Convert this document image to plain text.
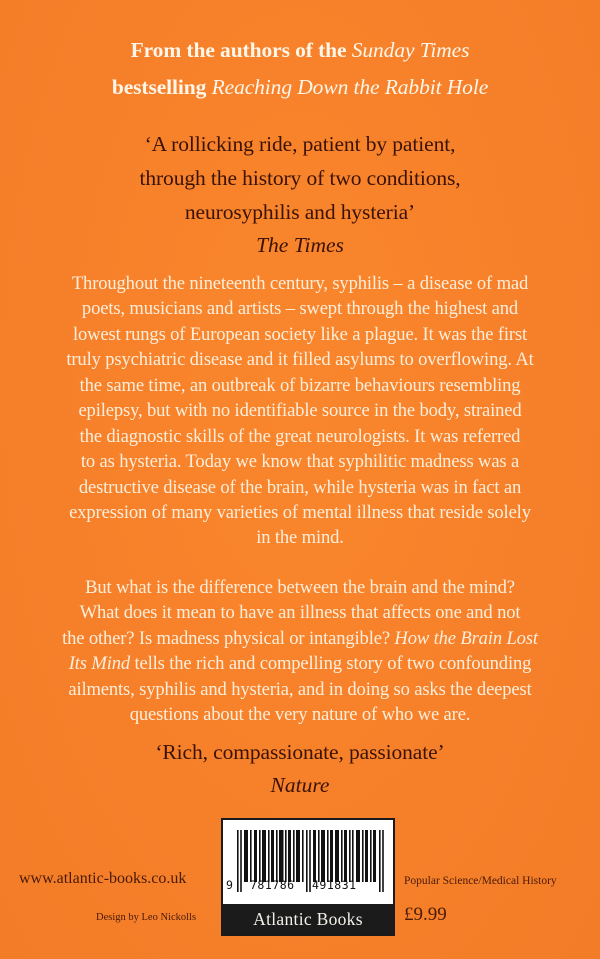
From the authors of the Sunday Times
bestselling Reaching Down the Rabbit Hole
‘A rollicking ride, patient by patient,
through the history of two conditions,
neurosyphilis and hysteria’
The Times
Throughout the nineteenth century, syphilis – a disease of mad
poets, musicians and artists – swept through the highest and
lowest rungs of European society like a plague. It was the first
truly psychiatric disease and it filled asylums to overflowing. At
the same time, an outbreak of bizarre behaviours resembling
epilepsy, but with no identifiable source in the body, strained
the diagnostic skills of the great neurologists. It was referred
to as hysteria. Today we know that syphilitic madness was a
destructive disease of the brain, while hysteria was in fact an
expression of many varieties of mental illness that reside solely
in the mind.
But what is the difference between the brain and the mind?
What does it mean to have an illness that affects one and not
the other? Is madness physical or intangible? How the Brain Lost
Its Mind tells the rich and compelling story of two confounding
ailments, syphilis and hysteria, and in doing so asks the deepest
questions about the very nature of who we are.
‘Rich, compassionate, passionate’
Nature
www.atlantic-books.co.uk
Design by Leo Nickolls
Popular Science/Medical History
£9.99
9 781786 491831
Atlantic Books
